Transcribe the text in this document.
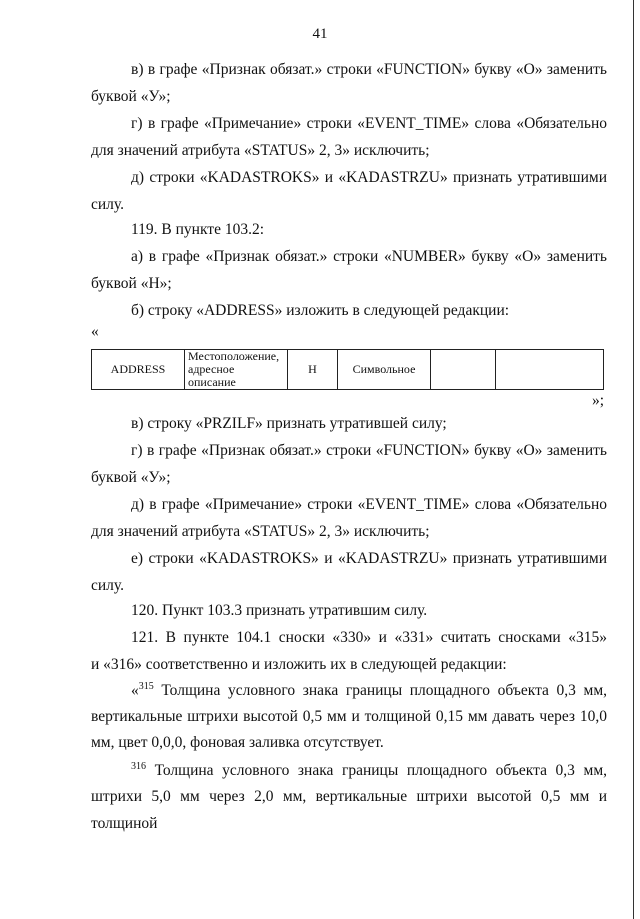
41
в) в графе «Признак обязат.» строки «FUNCTION» букву «О» заменить
буквой «У»;
г) в графе «Примечание» строки «EVENT_TIME» слова «Обязательно
для значений атрибута «STATUS» 2, 3» исключить;
д) строки «KADASTROKS» и «KADASTRZU» признать утратившими
силу.
119. В пункте 103.2:
а) в графе «Признак обязат.» строки «NUMBER» букву «О» заменить
буквой «Н»;
б) строку «ADDRESS» изложить в следующей редакции:
«
ADDRESS	Местоположение, адресное описание	Н	Символьное		
»;
в) строку «PRZILF» признать утратившей силу;
г) в графе «Признак обязат.» строки «FUNCTION» букву «О» заменить
буквой «У»;
д) в графе «Примечание» строки «EVENT_TIME» слова «Обязательно
для значений атрибута «STATUS» 2, 3» исключить;
е) строки «KADASTROKS» и «KADASTRZU» признать утратившими
силу.
120. Пункт 103.3 признать утратившим силу.
121. В пункте 104.1 сноски «330» и «331» считать сносками «315»
и «316» соответственно и изложить их в следующей редакции:
«$^{315}$ Толщина условного знака границы площадного объекта 0,3 мм,
вертикальные штрихи высотой 0,5 мм и толщиной 0,15 мм давать через 10,0
мм, цвет 0,0,0, фоновая заливка отсутствует.
$^{316}$ Толщина условного знака границы площадного объекта 0,3 мм,
штрихи 5,0 мм через 2,0 мм, вертикальные штрихи высотой 0,5 мм и толщиной
